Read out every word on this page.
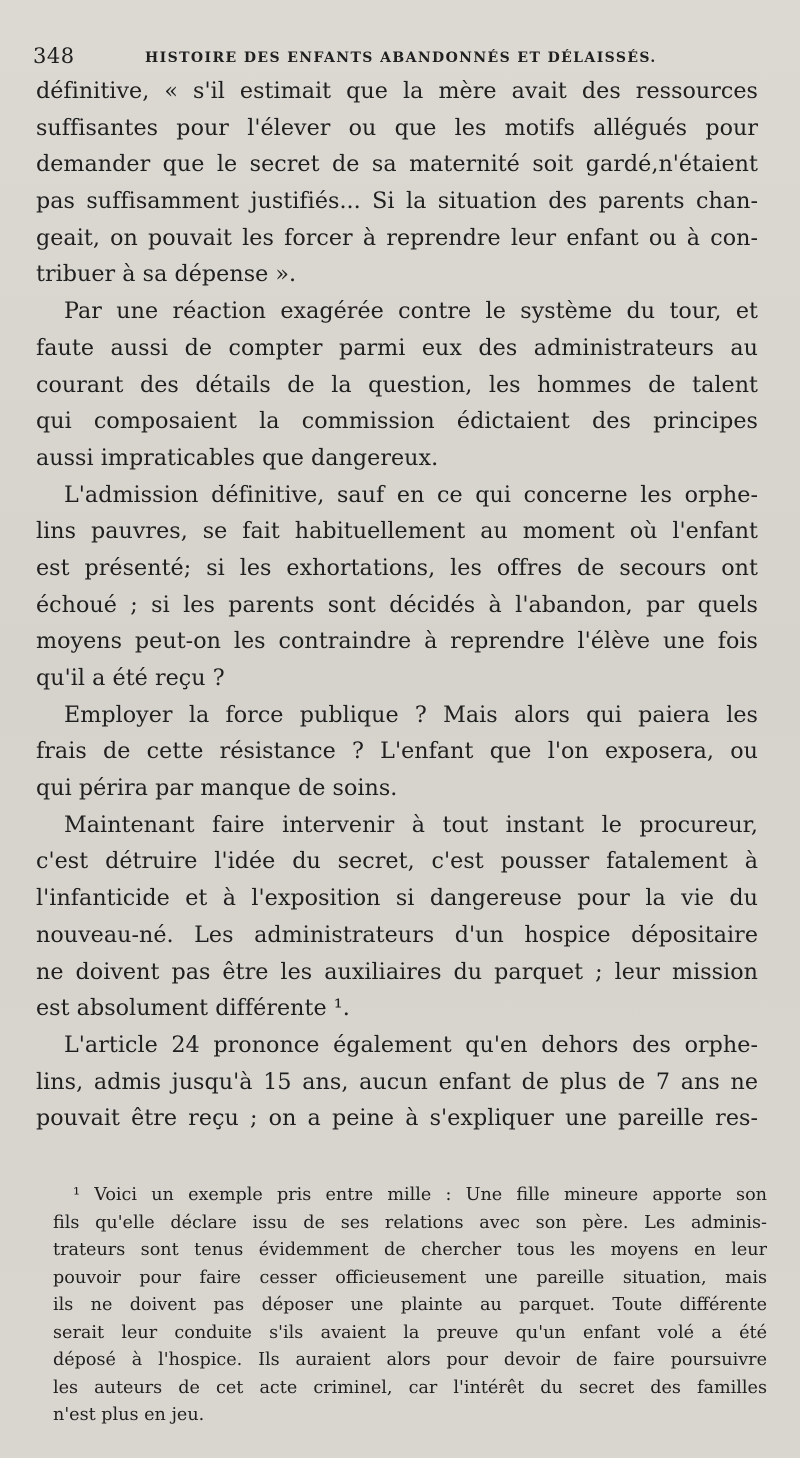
348	HISTOIRE DES ENFANTS ABANDONNÉS ET DÉLAISSÉS.
définitive, « s'il estimait que la mère avait des ressources
suffisantes pour l'élever ou que les motifs allégués pour
demander que le secret de sa maternité soit gardé,n'étaient
pas suffisamment justifiés... Si la situation des parents chan-
geait, on pouvait les forcer à reprendre leur enfant ou à con-
tribuer à sa dépense ».
Par une réaction exagérée contre le système du tour, et
faute aussi de compter parmi eux des administrateurs au
courant des détails de la question, les hommes de talent
qui composaient la commission édictaient des principes
aussi impraticables que dangereux.
L'admission définitive, sauf en ce qui concerne les orphe-
lins pauvres, se fait habituellement au moment où l'enfant
est présenté; si les exhortations, les offres de secours ont
échoué ; si les parents sont décidés à l'abandon, par quels
moyens peut-on les contraindre à reprendre l'élève une fois
qu'il a été reçu ?
Employer la force publique ? Mais alors qui paiera les
frais de cette résistance ? L'enfant que l'on exposera, ou
qui périra par manque de soins.
Maintenant faire intervenir à tout instant le procureur,
c'est détruire l'idée du secret, c'est pousser fatalement à
l'infanticide et à l'exposition si dangereuse pour la vie du
nouveau-né. Les administrateurs d'un hospice dépositaire
ne doivent pas être les auxiliaires du parquet ; leur mission
est absolument différente ¹.
L'article 24 prononce également qu'en dehors des orphe-
lins, admis jusqu'à 15 ans, aucun enfant de plus de 7 ans ne
pouvait être reçu ; on a peine à s'expliquer une pareille res-
¹ Voici un exemple pris entre mille : Une fille mineure apporte son
fils qu'elle déclare issu de ses relations avec son père. Les adminis-
trateurs sont tenus évidemment de chercher tous les moyens en leur
pouvoir pour faire cesser officieusement une pareille situation, mais
ils ne doivent pas déposer une plainte au parquet. Toute différente
serait leur conduite s'ils avaient la preuve qu'un enfant volé a été
déposé à l'hospice. Ils auraient alors pour devoir de faire poursuivre
les auteurs de cet acte criminel, car l'intérêt du secret des familles
n'est plus en jeu.
